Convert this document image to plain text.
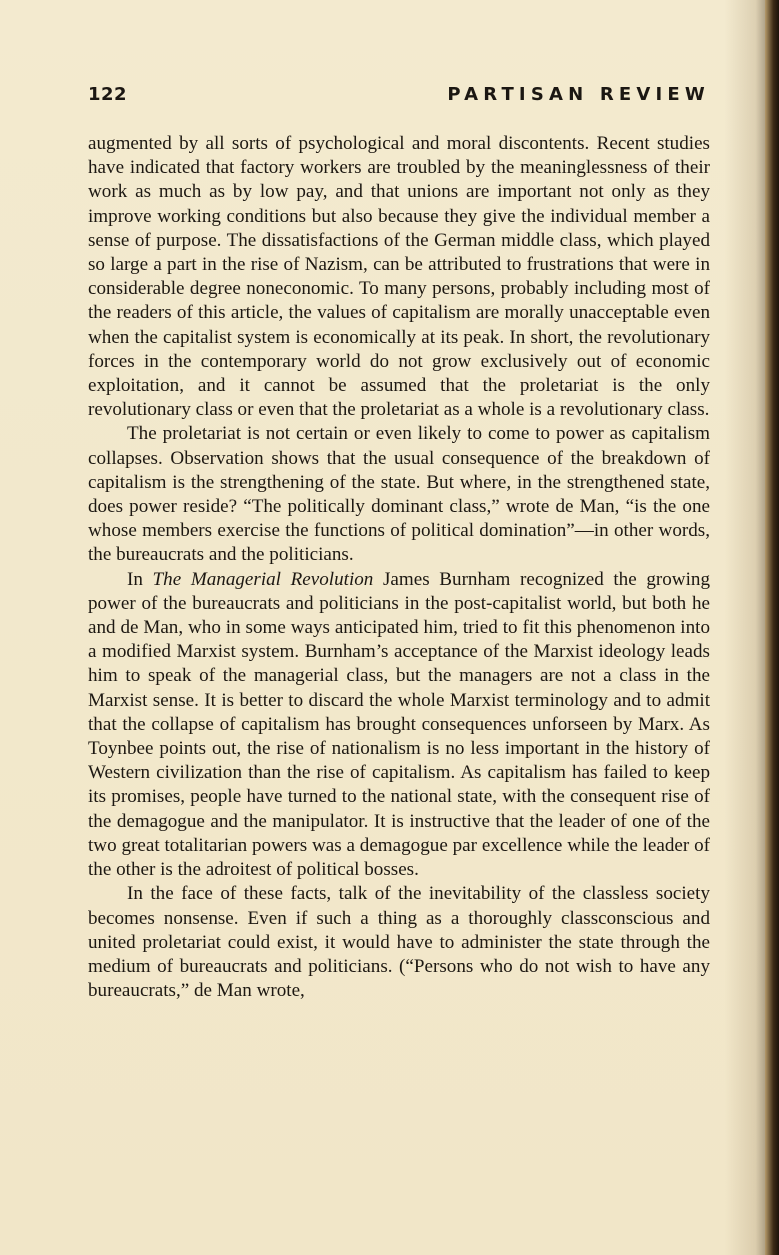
122	PARTISAN REVIEW

augmented by all sorts of psychological and moral discontents. Recent studies have indicated that factory workers are troubled by the meaninglessness of their work as much as by low pay, and that unions are important not only as they improve working conditions but also because they give the individual member a sense of purpose. The dissatisfactions of the German middle class, which played so large a part in the rise of Nazism, can be attributed to frustrations that were in considerable degree noneconomic. To many persons, probably including most of the readers of this article, the values of capitalism are morally unacceptable even when the capitalist system is economically at its peak. In short, the revolutionary forces in the contemporary world do not grow exclusively out of economic exploitation, and it cannot be assumed that the proletariat is the only revolutionary class or even that the proletariat as a whole is a revolutionary class.

The proletariat is not certain or even likely to come to power as capitalism collapses. Observation shows that the usual consequence of the breakdown of capitalism is the strengthening of the state. But where, in the strengthened state, does power reside? “The politically dominant class,” wrote de Man, “is the one whose members exercise the functions of political domination”—in other words, the bureaucrats and the politicians.

In The Managerial Revolution James Burnham recognized the growing power of the bureaucrats and politicians in the post-capitalist world, but both he and de Man, who in some ways anticipated him, tried to fit this phenomenon into a modified Marxist system. Burnham’s acceptance of the Marxist ideology leads him to speak of the managerial class, but the managers are not a class in the Marxist sense. It is better to discard the whole Marxist terminology and to admit that the collapse of capitalism has brought consequences unforseen by Marx. As Toynbee points out, the rise of nationalism is no less important in the history of Western civilization than the rise of capitalism. As capitalism has failed to keep its promises, people have turned to the national state, with the consequent rise of the demagogue and the manipulator. It is instructive that the leader of one of the two great totalitarian powers was a demagogue par excellence while the leader of the other is the adroitest of political bosses.

In the face of these facts, talk of the inevitability of the classless society becomes nonsense. Even if such a thing as a thoroughly classconscious and united proletariat could exist, it would have to administer the state through the medium of bureaucrats and politicians. (“Persons who do not wish to have any bureaucrats,” de Man wrote,
